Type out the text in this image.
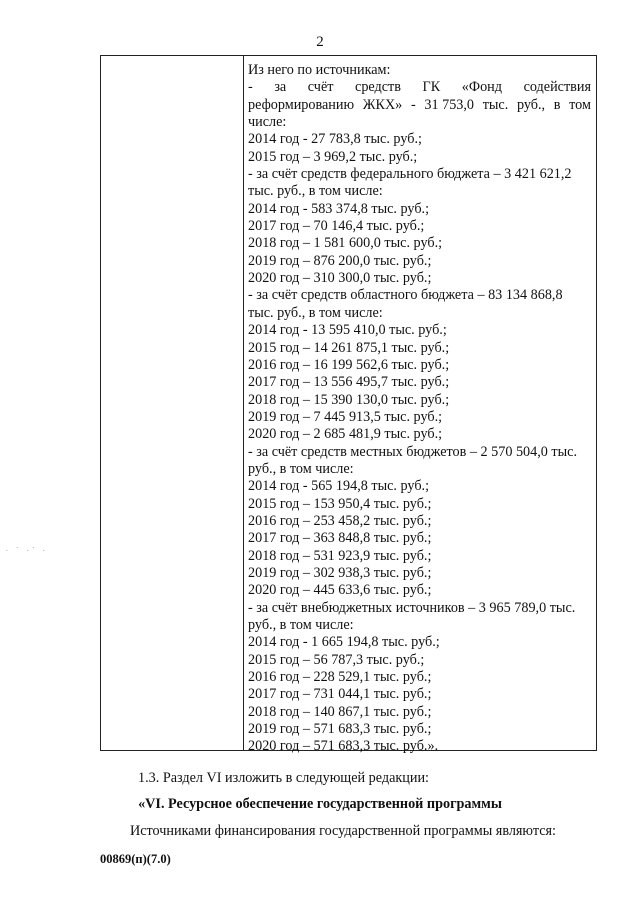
2
Из него по источникам:
- за счёт средств ГК «Фонд содействия
реформированию ЖКХ» - 31 753,0 тыс. руб., в том
числе:
2014 год - 27 783,8 тыс. руб.;
2015 год – 3 969,2 тыс. руб.;
- за счёт средств федерального бюджета – 3 421 621,2
тыс. руб., в том числе:
2014 год - 583 374,8 тыс. руб.;
2017 год – 70 146,4 тыс. руб.;
2018 год – 1 581 600,0 тыс. руб.;
2019 год – 876 200,0 тыс. руб.;
2020 год – 310 300,0 тыс. руб.;
- за счёт средств областного бюджета – 83 134 868,8
тыс. руб., в том числе:
2014 год - 13 595 410,0 тыс. руб.;
2015 год – 14 261 875,1 тыс. руб.;
2016 год – 16 199 562,6 тыс. руб.;
2017 год – 13 556 495,7 тыс. руб.;
2018 год – 15 390 130,0 тыс. руб.;
2019 год – 7 445 913,5 тыс. руб.;
2020 год – 2 685 481,9 тыс. руб.;
- за счёт средств местных бюджетов – 2 570 504,0 тыс.
руб., в том числе:
2014 год - 565 194,8 тыс. руб.;
2015 год – 153 950,4 тыс. руб.;
2016 год – 253 458,2 тыс. руб.;
2017 год – 363 848,8 тыс. руб.;
2018 год – 531 923,9 тыс. руб.;
2019 год – 302 938,3 тыс. руб.;
2020 год – 445 633,6 тыс. руб.;
- за счёт внебюджетных источников – 3 965 789,0 тыс.
руб., в том числе:
2014 год - 1 665 194,8 тыс. руб.;
2015 год – 56 787,3 тыс. руб.;
2016 год – 228 529,1 тыс. руб.;
2017 год – 731 044,1 тыс. руб.;
2018 год – 140 867,1 тыс. руб.;
2019 год – 571 683,3 тыс. руб.;
2020 год – 571 683,3 тыс. руб.».
· ˙ ·˙ ·
1.3. Раздел VI изложить в следующей редакции:
«VI. Ресурсное обеспечение государственной программы
Источниками финансирования государственной программы являются:
00869(п)(7.0)
